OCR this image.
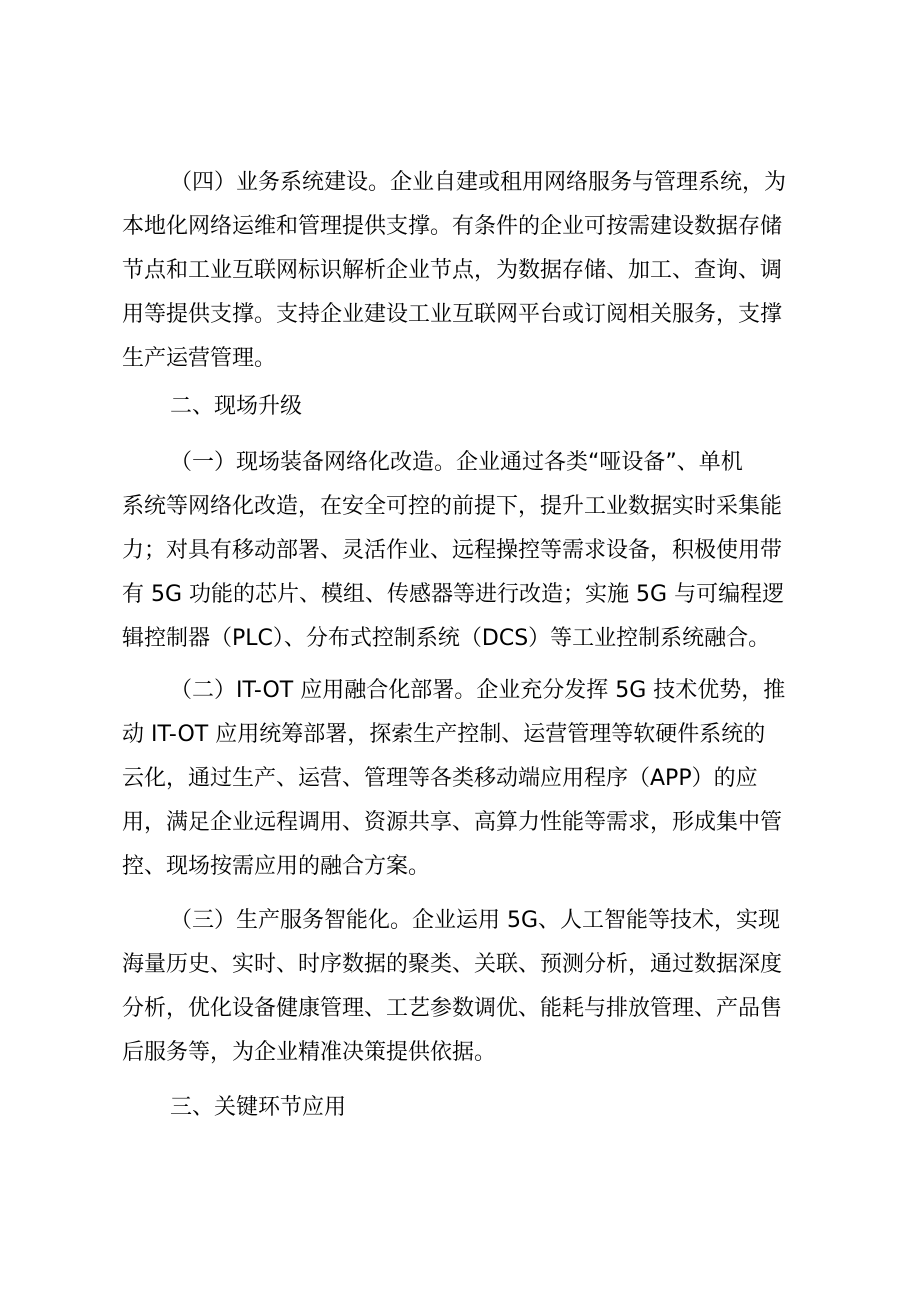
（四）业务系统建设。企业自建或租用网络服务与管理系统，为
本地化网络运维和管理提供支撑。有条件的企业可按需建设数据存储
节点和工业互联网标识解析企业节点，为数据存储、加工、查询、调
用等提供支撑。支持企业建设工业互联网平台或订阅相关服务，支撑
生产运营管理。
二、现场升级
（一）现场装备网络化改造。企业通过各类“哑设备”、单机
系统等网络化改造，在安全可控的前提下，提升工业数据实时采集能
力；对具有移动部署、灵活作业、远程操控等需求设备，积极使用带
有 5G 功能的芯片、模组、传感器等进行改造；实施 5G 与可编程逻
辑控制器（PLC）、分布式控制系统（DCS）等工业控制系统融合。
（二）IT-OT 应用融合化部署。企业充分发挥 5G 技术优势，推
动 IT-OT 应用统筹部署，探索生产控制、运营管理等软硬件系统的
云化，通过生产、运营、管理等各类移动端应用程序（APP）的应
用，满足企业远程调用、资源共享、高算力性能等需求，形成集中管
控、现场按需应用的融合方案。
（三）生产服务智能化。企业运用 5G、人工智能等技术，实现
海量历史、实时、时序数据的聚类、关联、预测分析，通过数据深度
分析，优化设备健康管理、工艺参数调优、能耗与排放管理、产品售
后服务等，为企业精准决策提供依据。
三、关键环节应用
